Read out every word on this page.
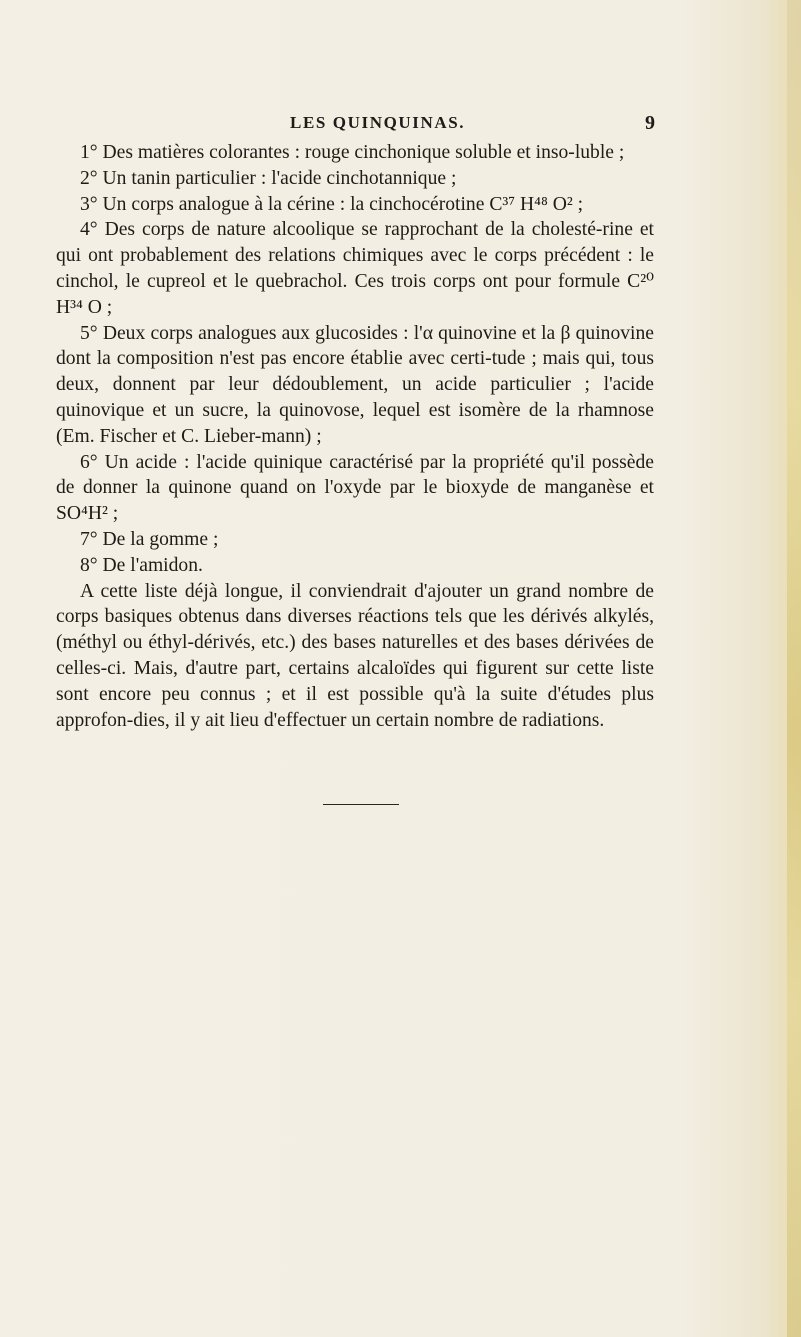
LES QUINQUINAS.	9

1° Des matières colorantes : rouge cinchonique soluble et inso-luble ;

2° Un tanin particulier : l'acide cinchotannique ;

3° Un corps analogue à la cérine : la cinchocérotine C³⁷ H⁴⁸ O² ;

4° Des corps de nature alcoolique se rapprochant de la cholesté-rine et qui ont probablement des relations chimiques avec le corps précédent : le cinchol, le cupreol et le quebrachol. Ces trois corps ont pour formule C²⁰ H³⁴ O ;

5° Deux corps analogues aux glucosides : l'α quinovine et la β quinovine dont la composition n'est pas encore établie avec certi-tude ; mais qui, tous deux, donnent par leur dédoublement, un acide particulier ; l'acide quinovique et un sucre, la quinovose, lequel est isomère de la rhamnose (Em. Fischer et C. Lieber-mann) ;

6° Un acide : l'acide quinique caractérisé par la propriété qu'il possède de donner la quinone quand on l'oxyde par le bioxyde de manganèse et SO⁴H² ;

7° De la gomme ;

8° De l'amidon.

A cette liste déjà longue, il conviendrait d'ajouter un grand nombre de corps basiques obtenus dans diverses réactions tels que les dérivés alkylés, (méthyl ou éthyl-dérivés, etc.) des bases naturelles et des bases dérivées de celles-ci. Mais, d'autre part, certains alcaloïdes qui figurent sur cette liste sont encore peu connus ; et il est possible qu'à la suite d'études plus approfon-dies, il y ait lieu d'effectuer un certain nombre de radiations.
